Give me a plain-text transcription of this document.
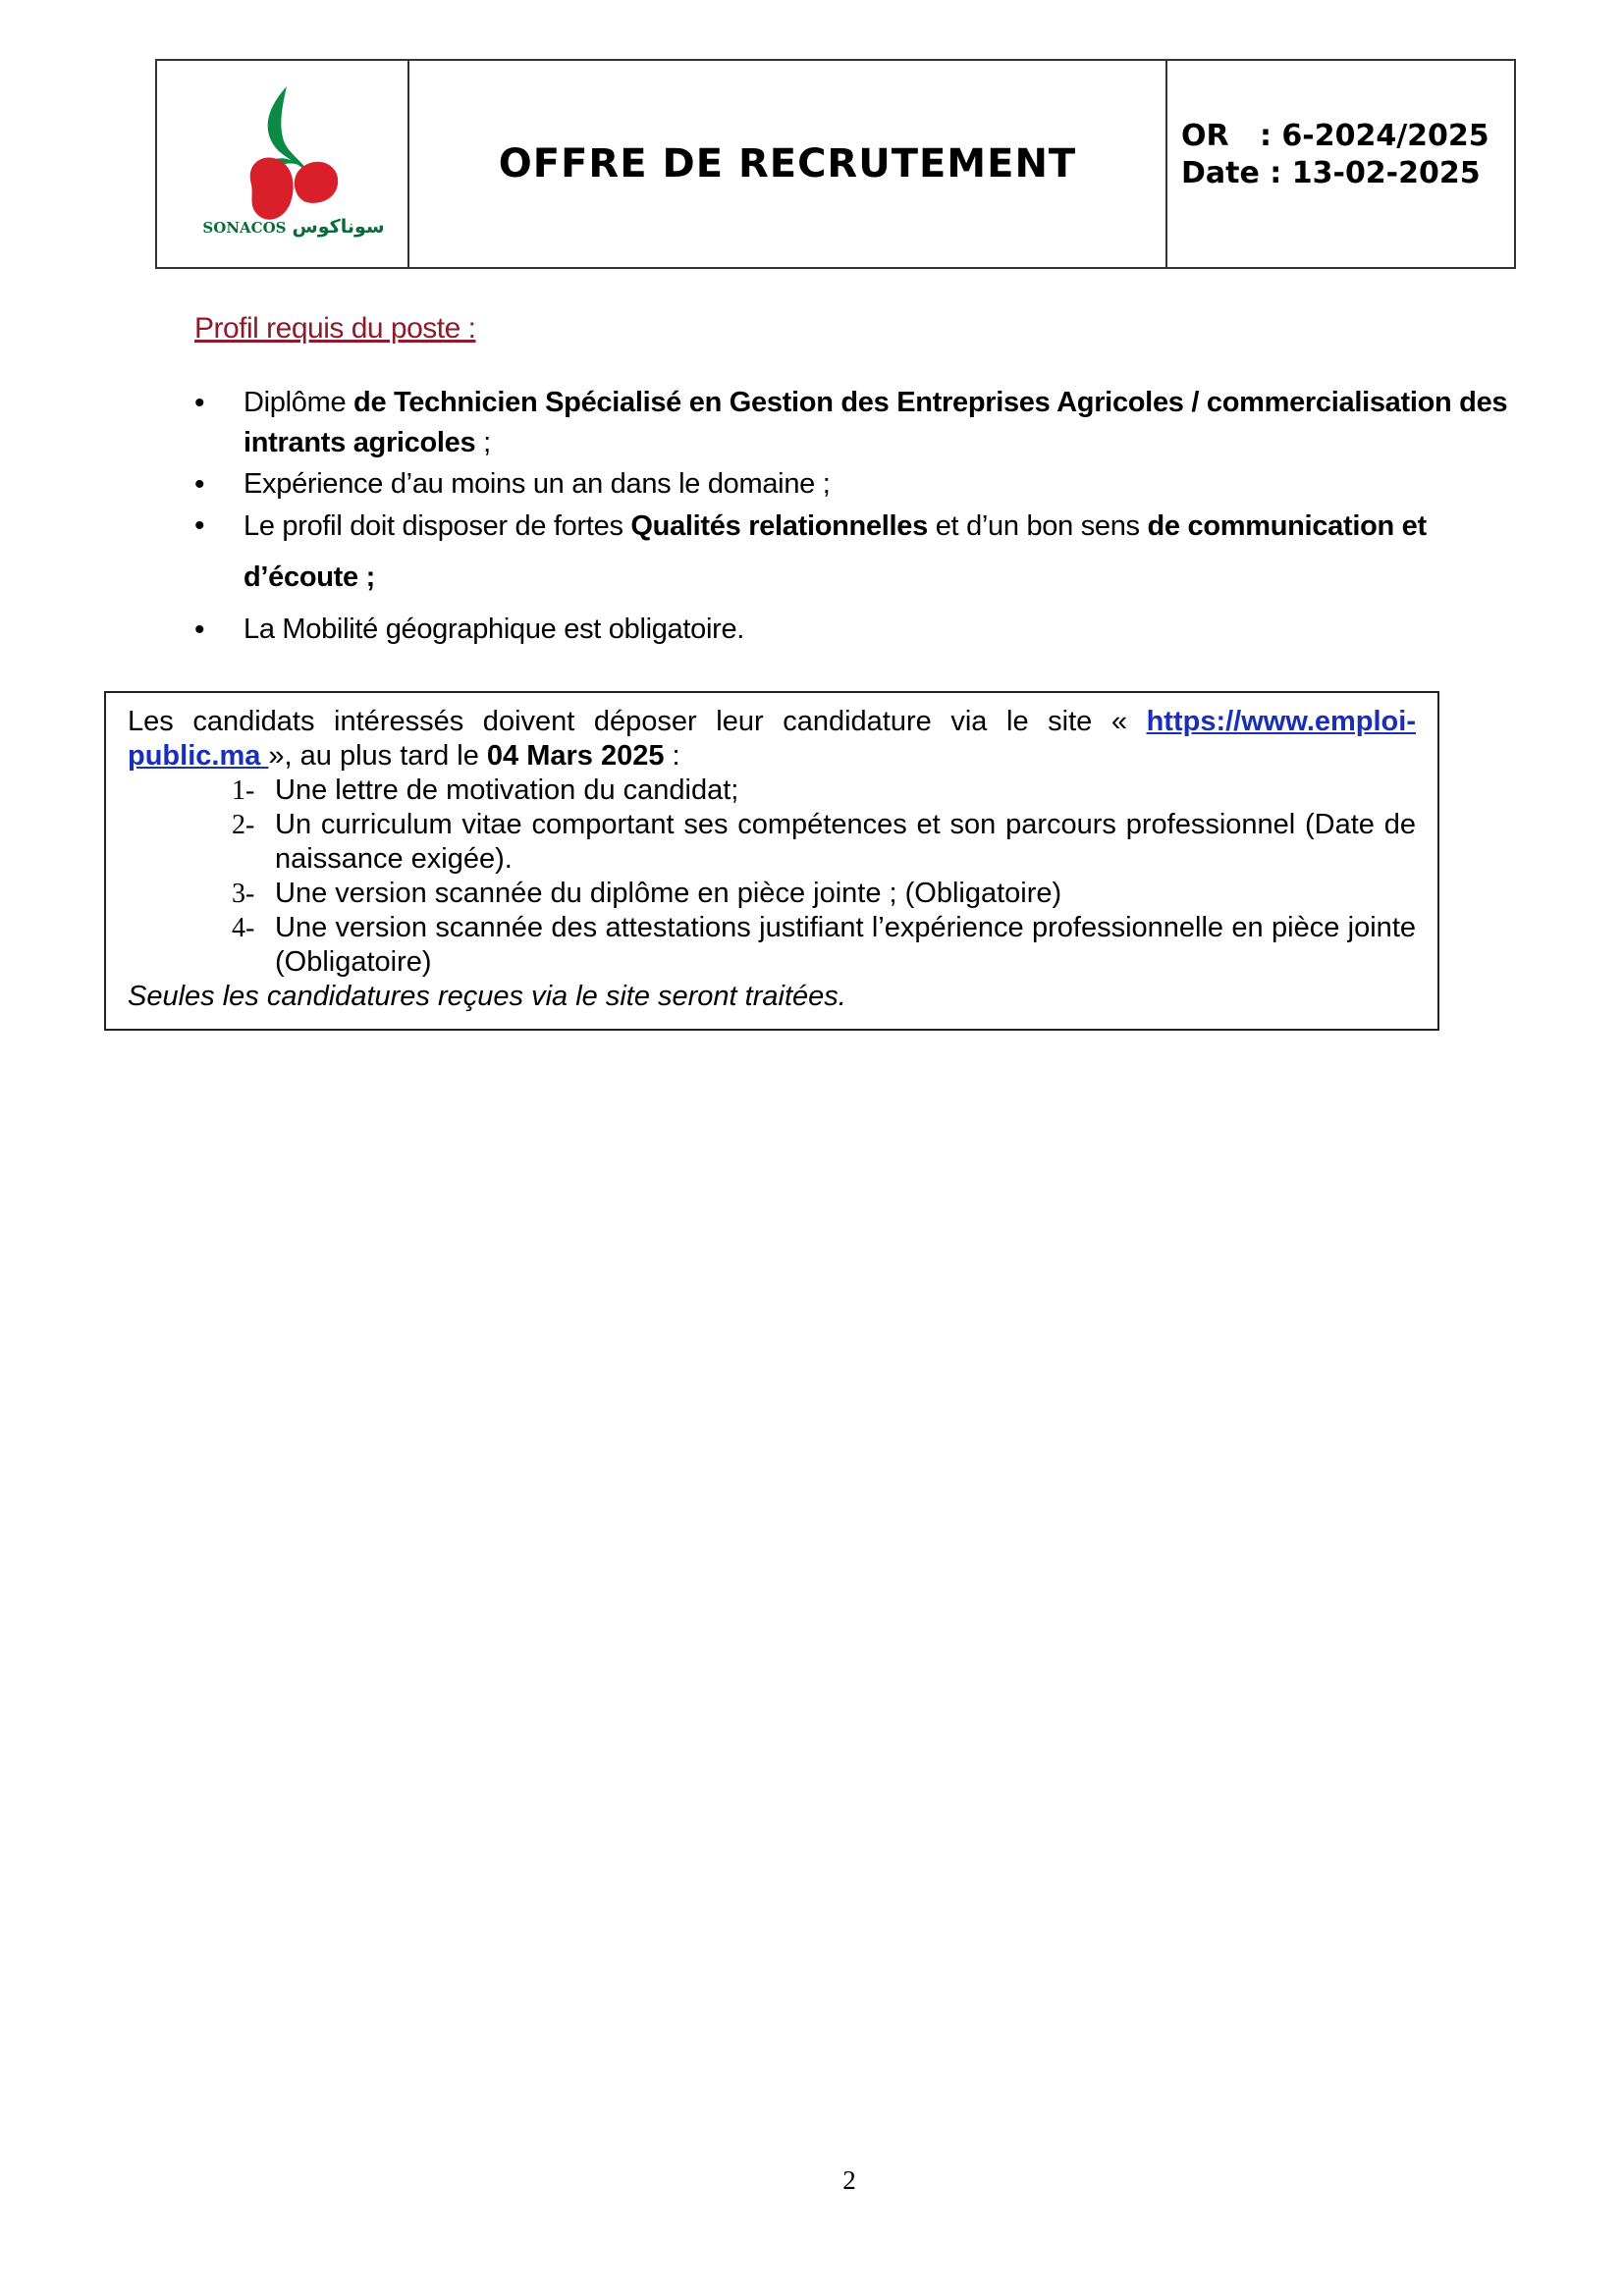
SONACOS سوناكوس
OFFRE DE RECRUTEMENT
OR : 6-2024/2025
Date : 13-02-2025
Profil requis du poste :
• Diplôme de Technicien Spécialisé en Gestion des Entreprises Agricoles / commercialisation des intrants agricoles ;
• Expérience d’au moins un an dans le domaine ;
• Le profil doit disposer de fortes Qualités relationnelles et d’un bon sens de communication et d’écoute ;
• La Mobilité géographique est obligatoire.
Les candidats intéressés doivent déposer leur candidature via le site « https://www.emploi-public.ma », au plus tard le 04 Mars 2025 :
1- Une lettre de motivation du candidat;
2- Un curriculum vitae comportant ses compétences et son parcours professionnel (Date de naissance exigée).
3- Une version scannée du diplôme en pièce jointe ; (Obligatoire)
4- Une version scannée des attestations justifiant l’expérience professionnelle en pièce jointe (Obligatoire)
Seules les candidatures reçues via le site seront traitées.
2
